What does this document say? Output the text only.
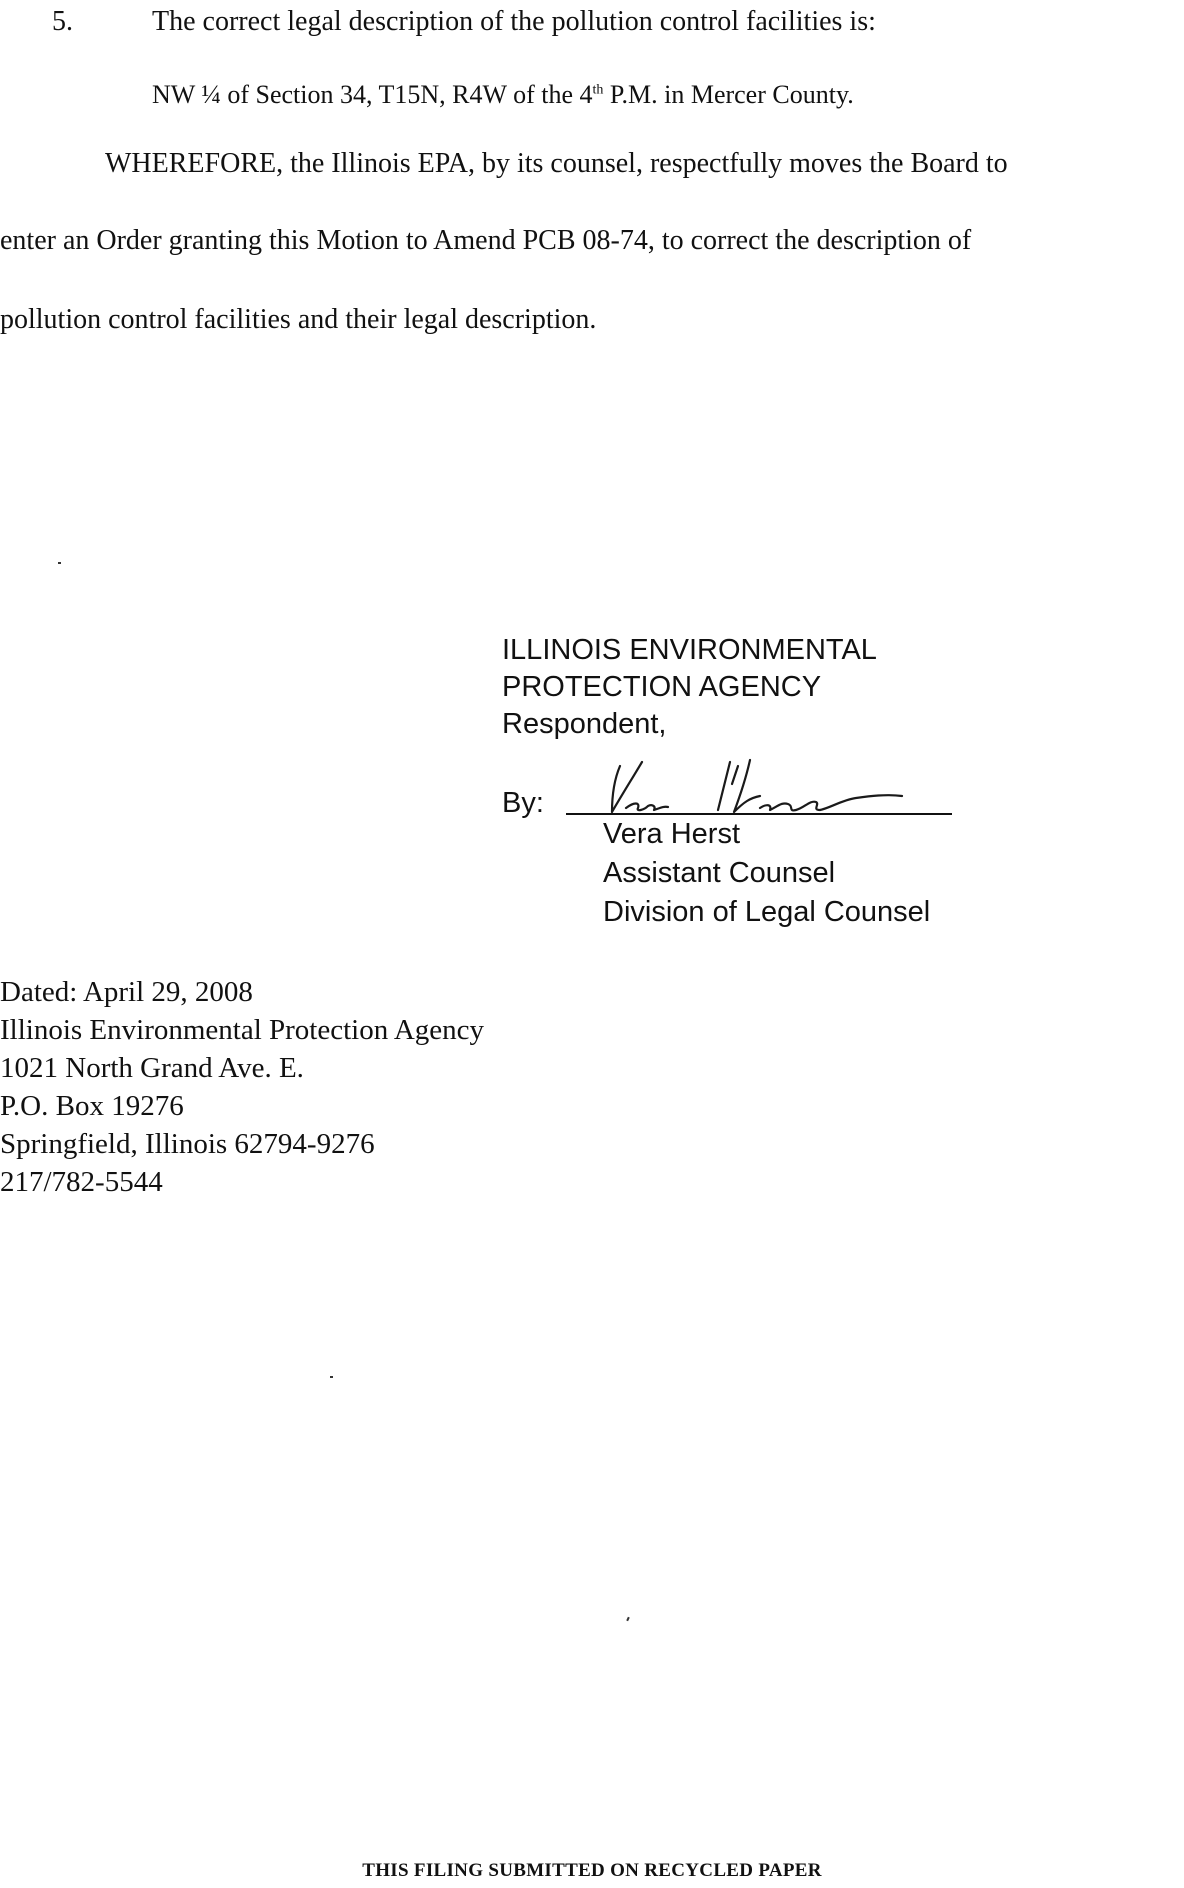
5.	The correct legal description of the pollution control facilities is:
NW ¼ of Section 34, T15N, R4W of the 4th P.M. in Mercer County.
WHEREFORE, the Illinois EPA, by its counsel, respectfully moves the Board to
enter an Order granting this Motion to Amend PCB 08-74, to correct the description of
pollution control facilities and their legal description.
ILLINOIS ENVIRONMENTAL
PROTECTION AGENCY
Respondent,
By:
Vera Herst
Assistant Counsel
Division of Legal Counsel
Dated: April 29, 2008
Illinois Environmental Protection Agency
1021 North Grand Ave. E.
P.O. Box 19276
Springfield, Illinois 62794-9276
217/782-5544
THIS FILING SUBMITTED ON RECYCLED PAPER
